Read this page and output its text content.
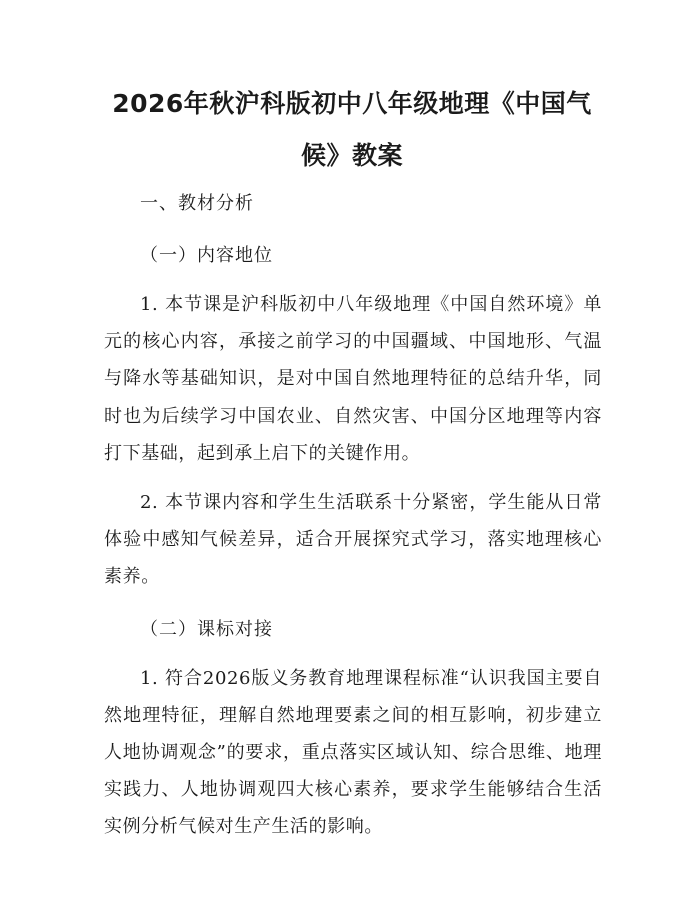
2026年秋沪科版初中八年级地理《中国气候》教案
一、教材分析
（一）内容地位

1. 本节课是沪科版初中八年级地理《中国自然环境》单元的核心内容，承接之前学习的中国疆域、中国地形、气温与降水等基础知识，是对中国自然地理特征的总结升华，同时也为后续学习中国农业、自然灾害、中国分区地理等内容打下基础，起到承上启下的关键作用。

2. 本节课内容和学生生活联系十分紧密，学生能从日常体验中感知气候差异，适合开展探究式学习，落实地理核心素养。

（二）课标对接

1. 符合2026版义务教育地理课程标准“认识我国主要自然地理特征，理解自然地理要素之间的相互影响，初步建立人地协调观念”的要求，重点落实区域认知、综合思维、地理实践力、人地协调观四大核心素养，要求学生能够结合生活实例分析气候对生产生活的影响。
